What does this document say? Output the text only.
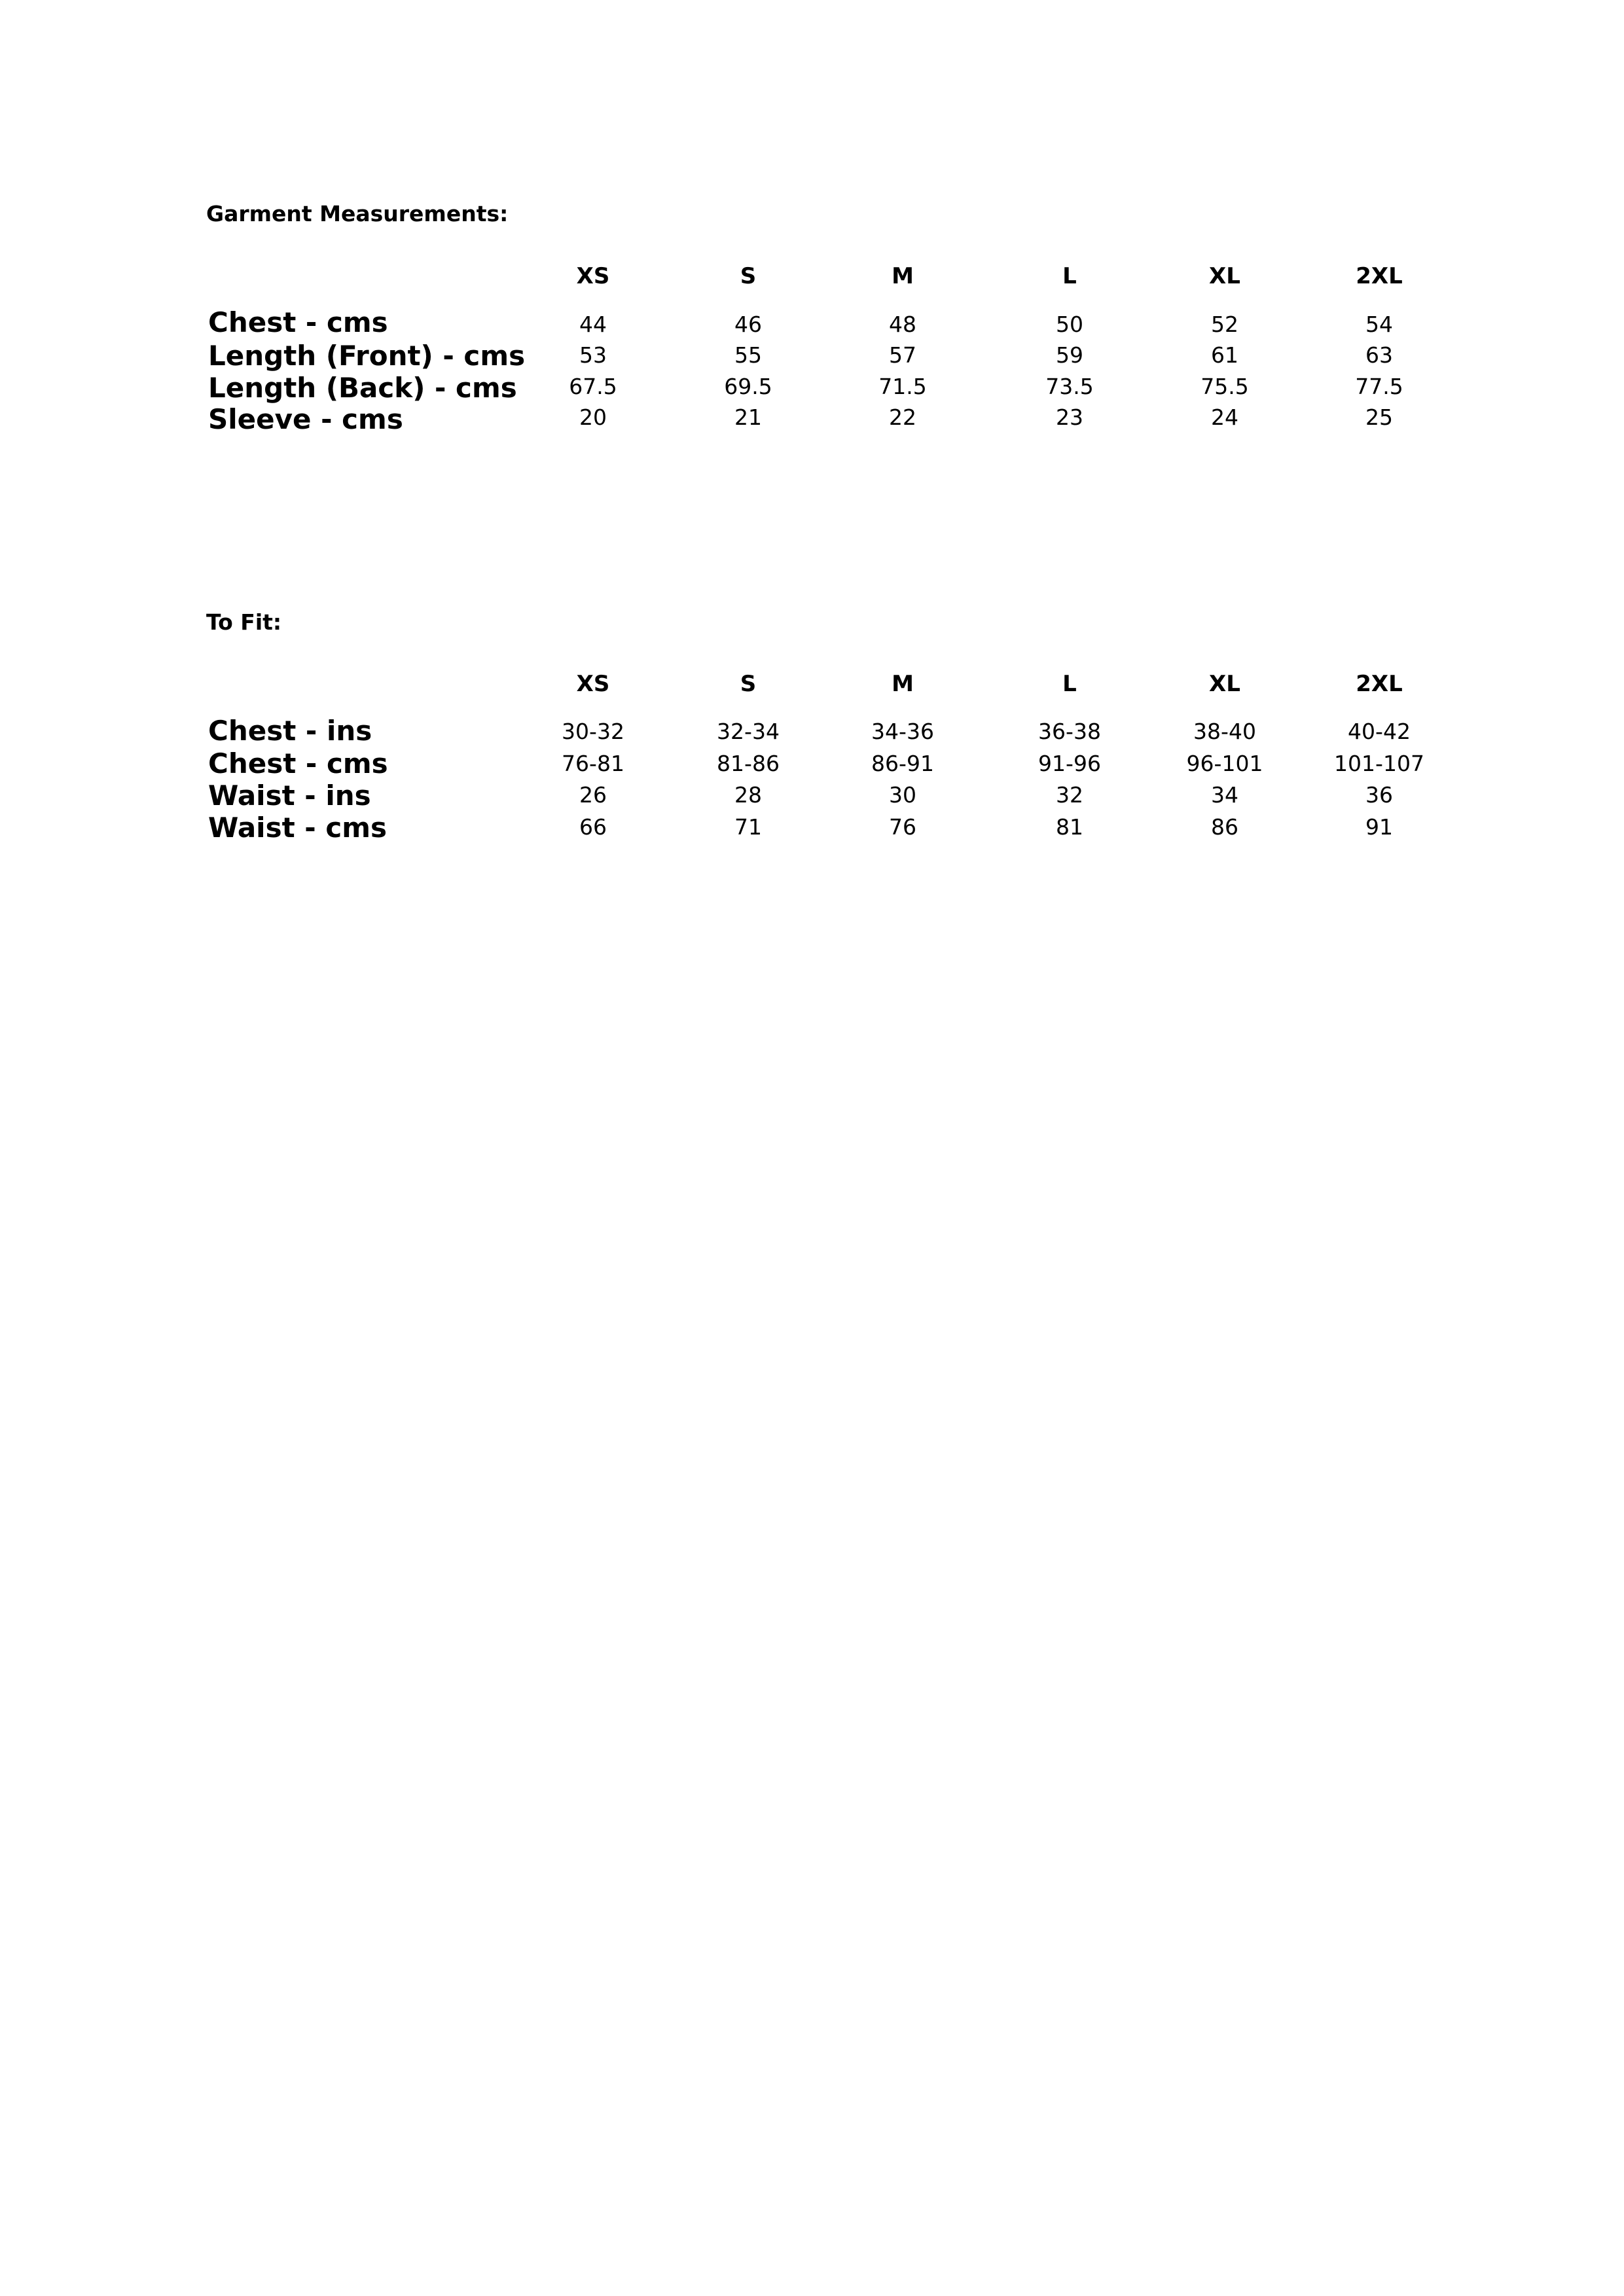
Garment Measurements:
XS	S	M	L	XL	2XL
Chest - cms	44	46	48	50	52	54
Length (Front) - cms	53	55	57	59	61	63
Length (Back) - cms 67.5	69.5	71.5	73.5	75.5	77.5
Sleeve - cms	20	21	22	23	24	25
To Fit:
XS	S	M	L	XL	2XL
Chest - ins	30-32	32-34	34-36	36-38	38-40	40-42
Chest - cms	76-81	81-86	86-91	91-96	96-101	101-107
Waist - ins	26	28	30	32	34	36
Waist - cms	66	71	76	81	86	91
